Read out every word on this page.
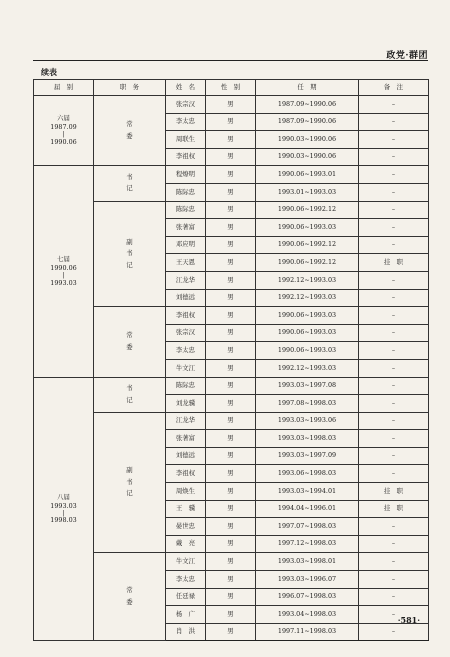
政党·群团
续表
届　别	职　务	姓　名	性　别	任　期	备　注

六届
1987.09
|
1990.06	常委	张宗汉	男	1987.09~1990.06	–
		李太忠	男	1987.09~1990.06	–
		周联生	男	1990.03~1990.06	–
		李祖权	男	1990.03~1990.06	–

七届
1990.06
|
1993.03	书记	程燎明	男	1990.06~1993.01	–
		陈际忠	男	1993.01~1993.03	–
	副书记	陈际忠	男	1990.06~1992.12	–
		张著富	男	1990.06~1993.03	–
		邓应明	男	1990.06~1992.12	–
		王天恩	男	1990.06~1992.12	挂　职
		江龙华	男	1992.12~1993.03	–
		刘德远	男	1992.12~1993.03	–
	常委	李祖权	男	1990.06~1993.03	–
		张宗汉	男	1990.06~1993.03	–
		李太忠	男	1990.06~1993.03	–
		牛文江	男	1992.12~1993.03	–

八届
1993.03
|
1998.03	书记	陈际忠	男	1993.03~1997.08	–
		刘龙骥	男	1997.08~1998.03	–
	副书记	江龙华	男	1993.03~1993.06	–
		张著富	男	1993.03~1998.03	–
		刘德远	男	1993.03~1997.09	–
		李祖权	男	1993.06~1998.03	–
		周焕生	男	1993.03~1994.01	挂　职
		王　骥	男	1994.04~1996.01	挂　职
		晏世忠	男	1997.07~1998.03	–
		戴　亮	男	1997.12~1998.03	–
	常委	牛文江	男	1993.03~1998.01	–
		李太忠	男	1993.03~1996.07	–
		任廷禄	男	1996.07~1998.03	–
		杨　广	男	1993.04~1998.03	–
		肖　洪	男	1997.11~1998.03	–
·581·
